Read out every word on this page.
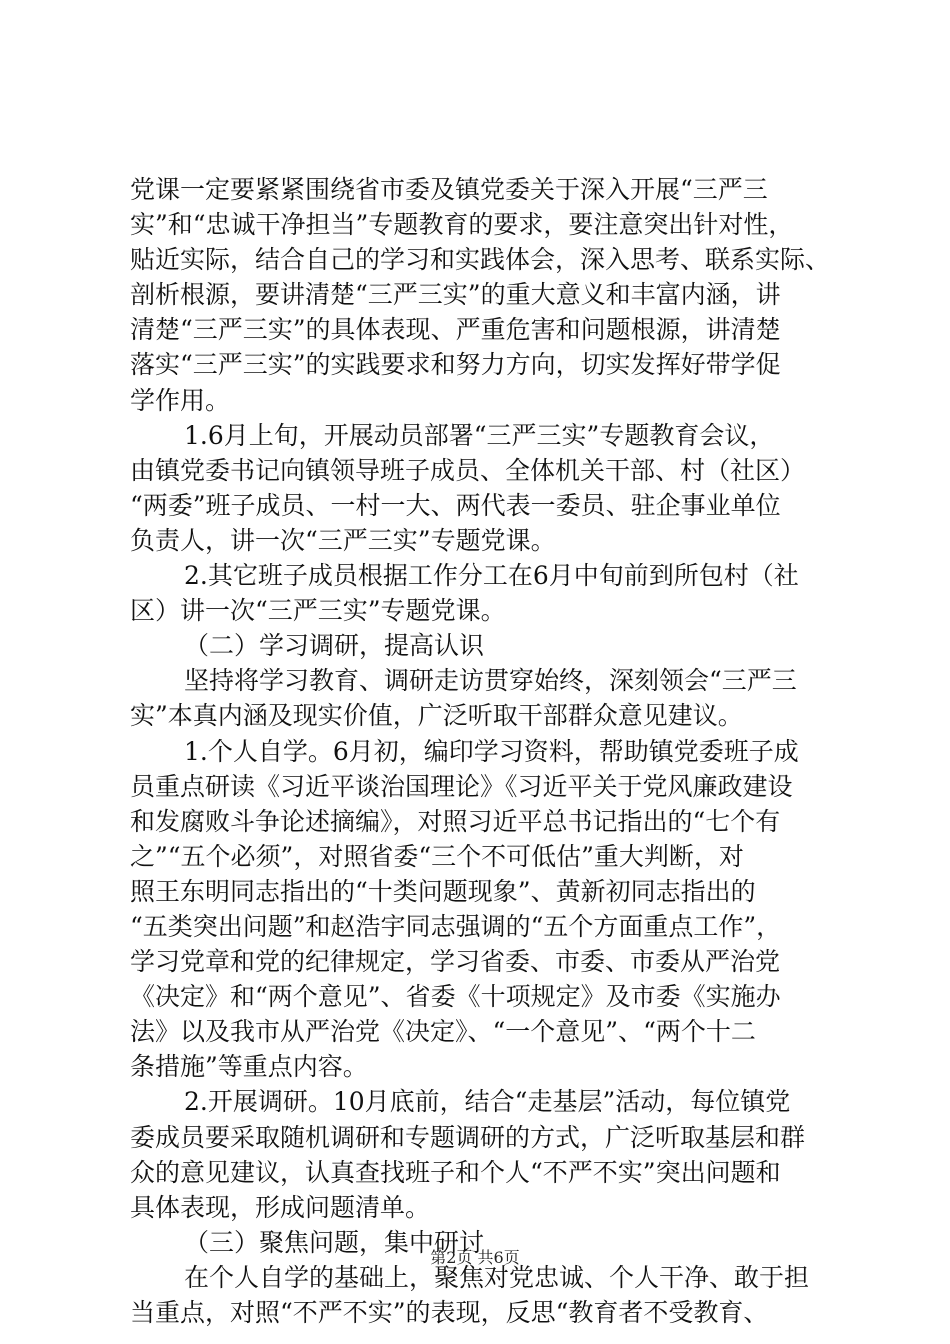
党课一定要紧紧围绕省市委及镇党委关于深入开展“三严三
实”和“忠诚干净担当”专题教育的要求，要注意突出针对性，
贴近实际，结合自己的学习和实践体会，深入思考、联系实际、
剖析根源，要讲清楚“三严三实”的重大意义和丰富内涵，讲
清楚“三严三实”的具体表现、严重危害和问题根源，讲清楚
落实“三严三实”的实践要求和努力方向，切实发挥好带学促
学作用。
1.6月上旬，开展动员部署“三严三实”专题教育会议，
由镇党委书记向镇领导班子成员、全体机关干部、村（社区）
“两委”班子成员、一村一大、两代表一委员、驻企事业单位
负责人，讲一次“三严三实”专题党课。
2.其它班子成员根据工作分工在6月中旬前到所包村（社
区）讲一次“三严三实”专题党课。
（二）学习调研，提高认识
坚持将学习教育、调研走访贯穿始终，深刻领会“三严三
实”本真内涵及现实价值，广泛听取干部群众意见建议。
1.个人自学。6月初，编印学习资料，帮助镇党委班子成
员重点研读《习近平谈治国理论》《习近平关于党风廉政建设
和发腐败斗争论述摘编》，对照习近平总书记指出的“七个有
之”“五个必须”，对照省委“三个不可低估”重大判断，对
照王东明同志指出的“十类问题现象”、黄新初同志指出的
“五类突出问题”和赵浩宇同志强调的“五个方面重点工作”，
学习党章和党的纪律规定，学习省委、市委、市委从严治党
《决定》和“两个意见”、省委《十项规定》及市委《实施办
法》以及我市从严治党《决定》、“一个意见”、“两个十二
条措施”等重点内容。
2.开展调研。10月底前，结合“走基层”活动，每位镇党
委成员要采取随机调研和专题调研的方式，广泛听取基层和群
众的意见建议，认真查找班子和个人“不严不实”突出问题和
具体表现，形成问题清单。
（三）聚焦问题，集中研讨
在个人自学的基础上，聚焦对党忠诚、个人干净、敢于担
当重点，对照“不严不实”的表现，反思“教育者不受教育、
第2页 共6页
